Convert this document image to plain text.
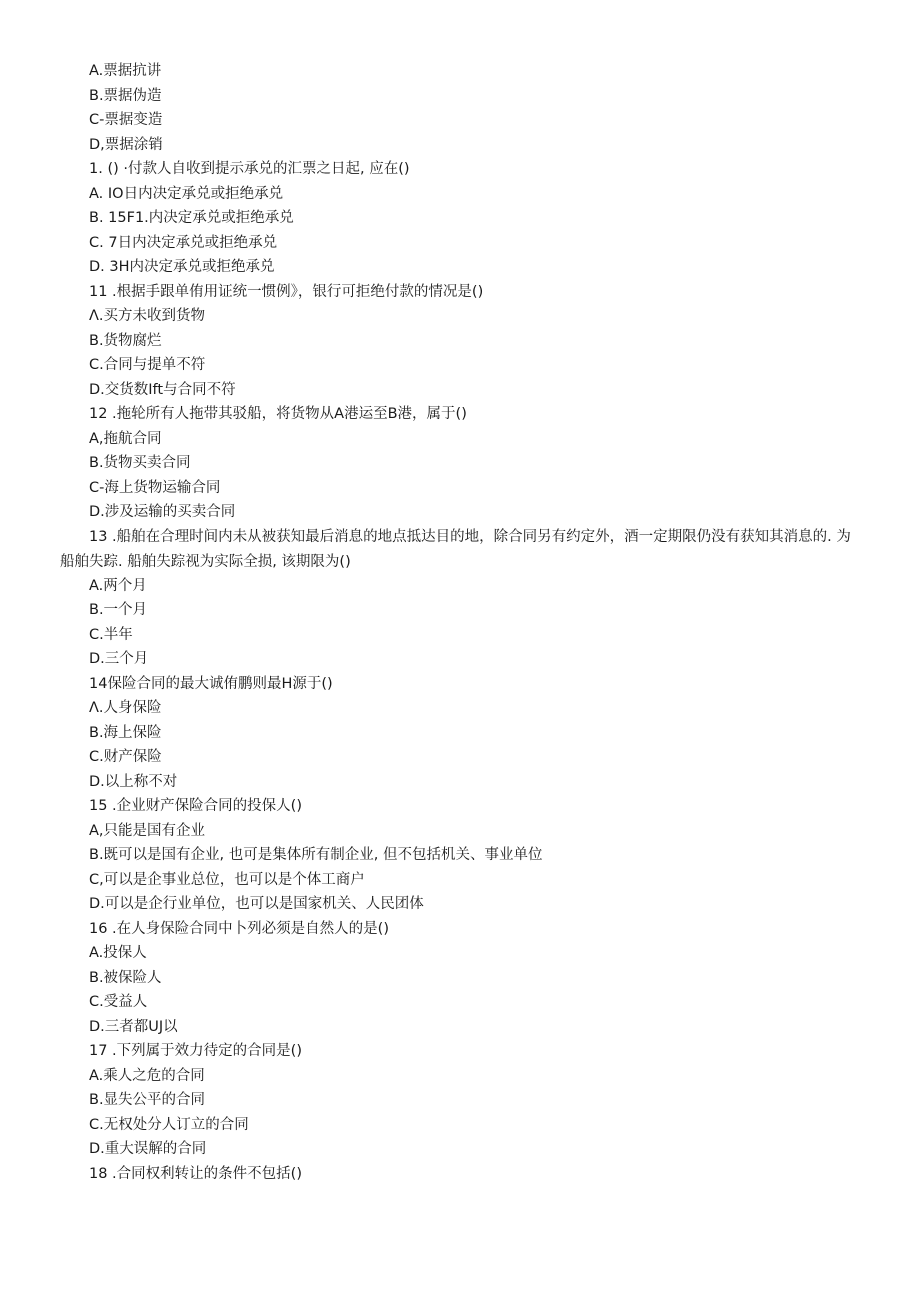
A.票据抗讲
B.票据伪造
C-票据变造
D,票据涂销
1. () ·付款人自收到提示承兑的汇票之日起, 应在()
A. IO日内决定承兑或拒绝承兑
B. 15F1.内决定承兑或拒绝承兑
C. 7日内决定承兑或拒绝承兑
D. 3H内决定承兑或拒绝承兑
11 .根据手跟单侑用证统一惯例》，银行可拒绝付款的情况是()
Λ.买方未收到货物
B.货物腐烂
C.合同与提单不符
D.交货数Ift与合同不符
12 .拖轮所有人拖带其驳船，将货物从A港运至B港，属于()
A,拖航合同
B.货物买卖合同
C-海上货物运输合同
D.涉及运输的买卖合同
13 .船舶在合理时间内未从被获知最后消息的地点抵达目的地，除合同另有约定外，酒一定期限仍没有获知其消息的. 为船舶失踪. 船舶失踪视为实际全损, 该期限为()
A.两个月
B.一个月
C.半年
D.三个月
14保险合同的最大诚侑鹏则最H源于()
Λ.人身保险
B.海上保险
C.财产保险
D.以上称不对
15 .企业财产保险合同的投保人()
A,只能是国有企业
B.既可以是国有企业, 也可是集体所有制企业, 但不包括机关、事业单位
C,可以是企事业总位，也可以是个体工商户
D.可以是企行业单位，也可以是国家机关、人民团体
16 .在人身保险合同中卜列必须是自然人的是()
A.投保人
B.被保险人
C.受益人
D.三者都UJ以
17 .下列属于效力待定的合同是()
A.乘人之危的合同
B.显失公平的合同
C.无权处分人订立的合同
D.重大误解的合同
18 .合同权利转让的条件不包括()
